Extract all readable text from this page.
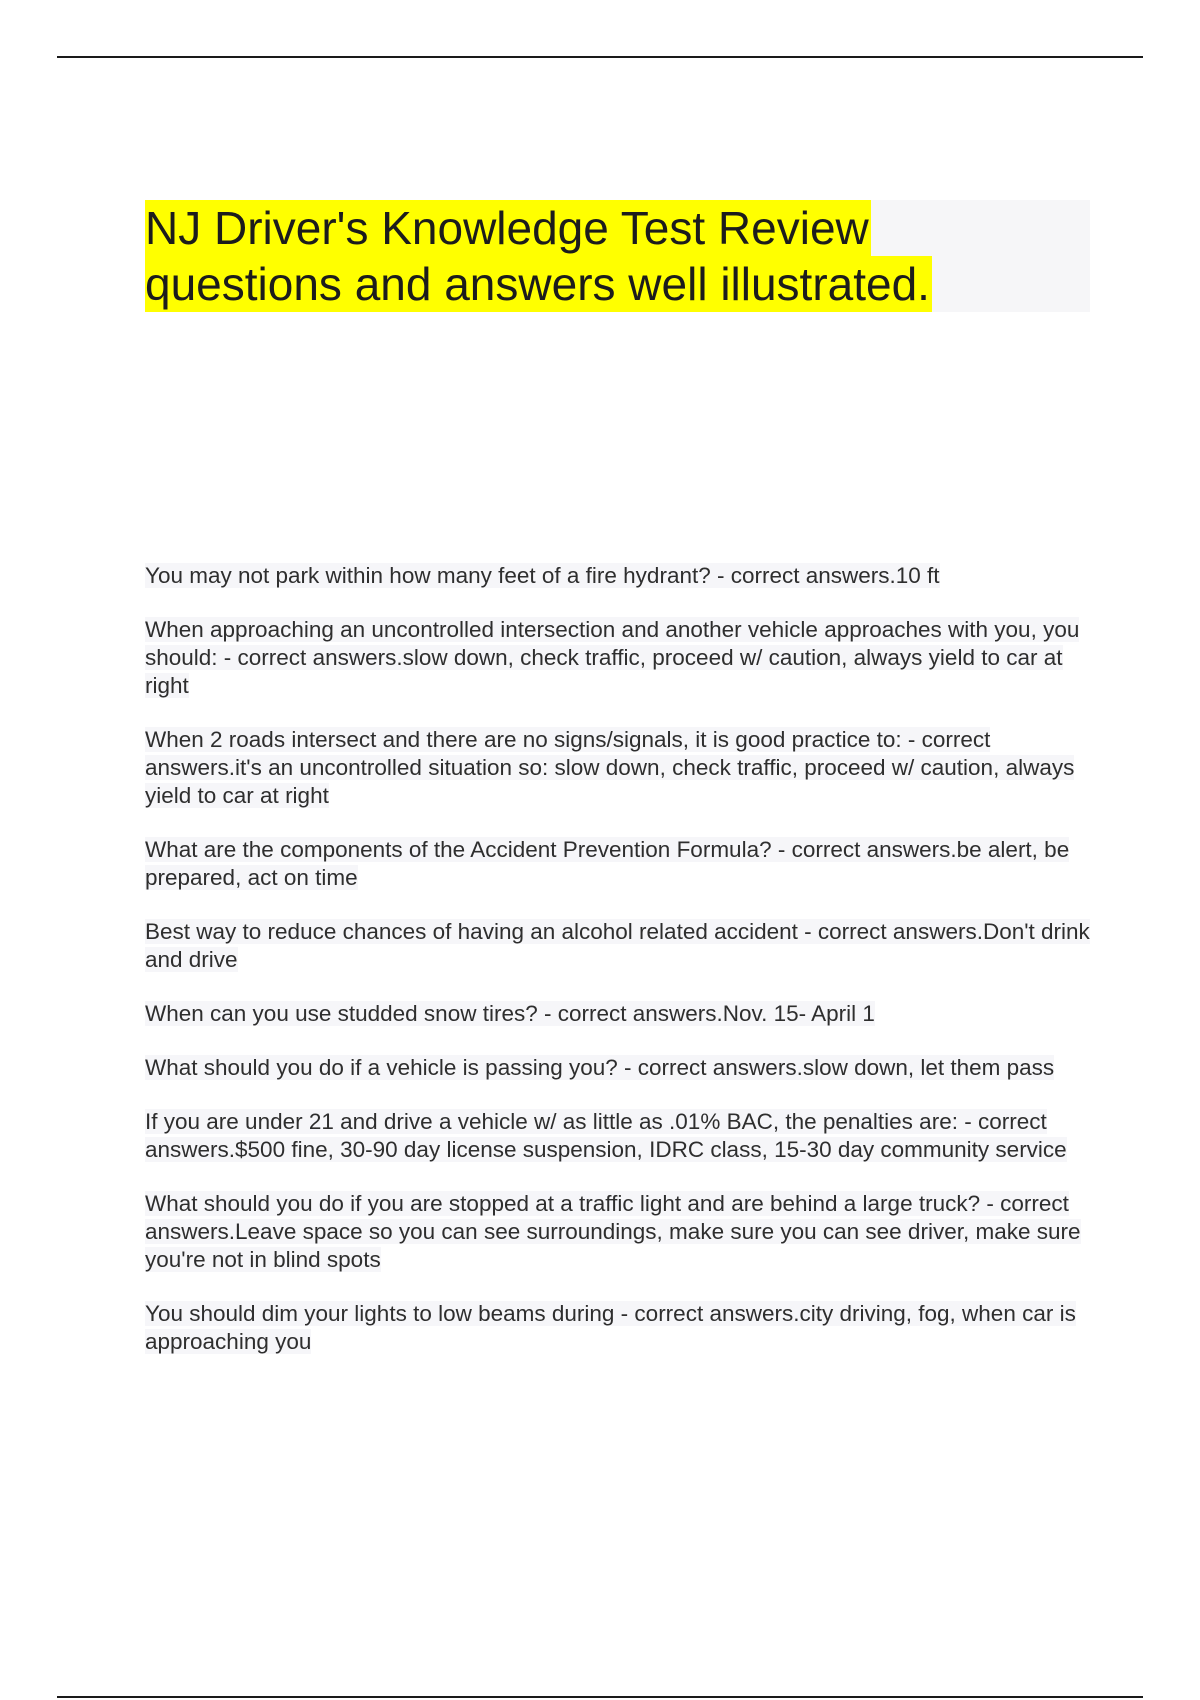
NJ Driver's Knowledge Test Review
questions and answers well illustrated.

You may not park within how many feet of a fire hydrant? - correct answers.10 ft

When approaching an uncontrolled intersection and another vehicle approaches with you, you should: - correct answers.slow down, check traffic, proceed w/ caution, always yield to car at right

When 2 roads intersect and there are no signs/signals, it is good practice to: - correct answers.it's an uncontrolled situation so: slow down, check traffic, proceed w/ caution, always yield to car at right

What are the components of the Accident Prevention Formula? - correct answers.be alert, be prepared, act on time

Best way to reduce chances of having an alcohol related accident - correct answers.Don't drink and drive

When can you use studded snow tires? - correct answers.Nov. 15- April 1

What should you do if a vehicle is passing you? - correct answers.slow down, let them pass

If you are under 21 and drive a vehicle w/ as little as .01% BAC, the penalties are: - correct answers.$500 fine, 30-90 day license suspension, IDRC class, 15-30 day community service

What should you do if you are stopped at a traffic light and are behind a large truck? - correct answers.Leave space so you can see surroundings, make sure you can see driver, make sure you're not in blind spots

You should dim your lights to low beams during - correct answers.city driving, fog, when car is approaching you
